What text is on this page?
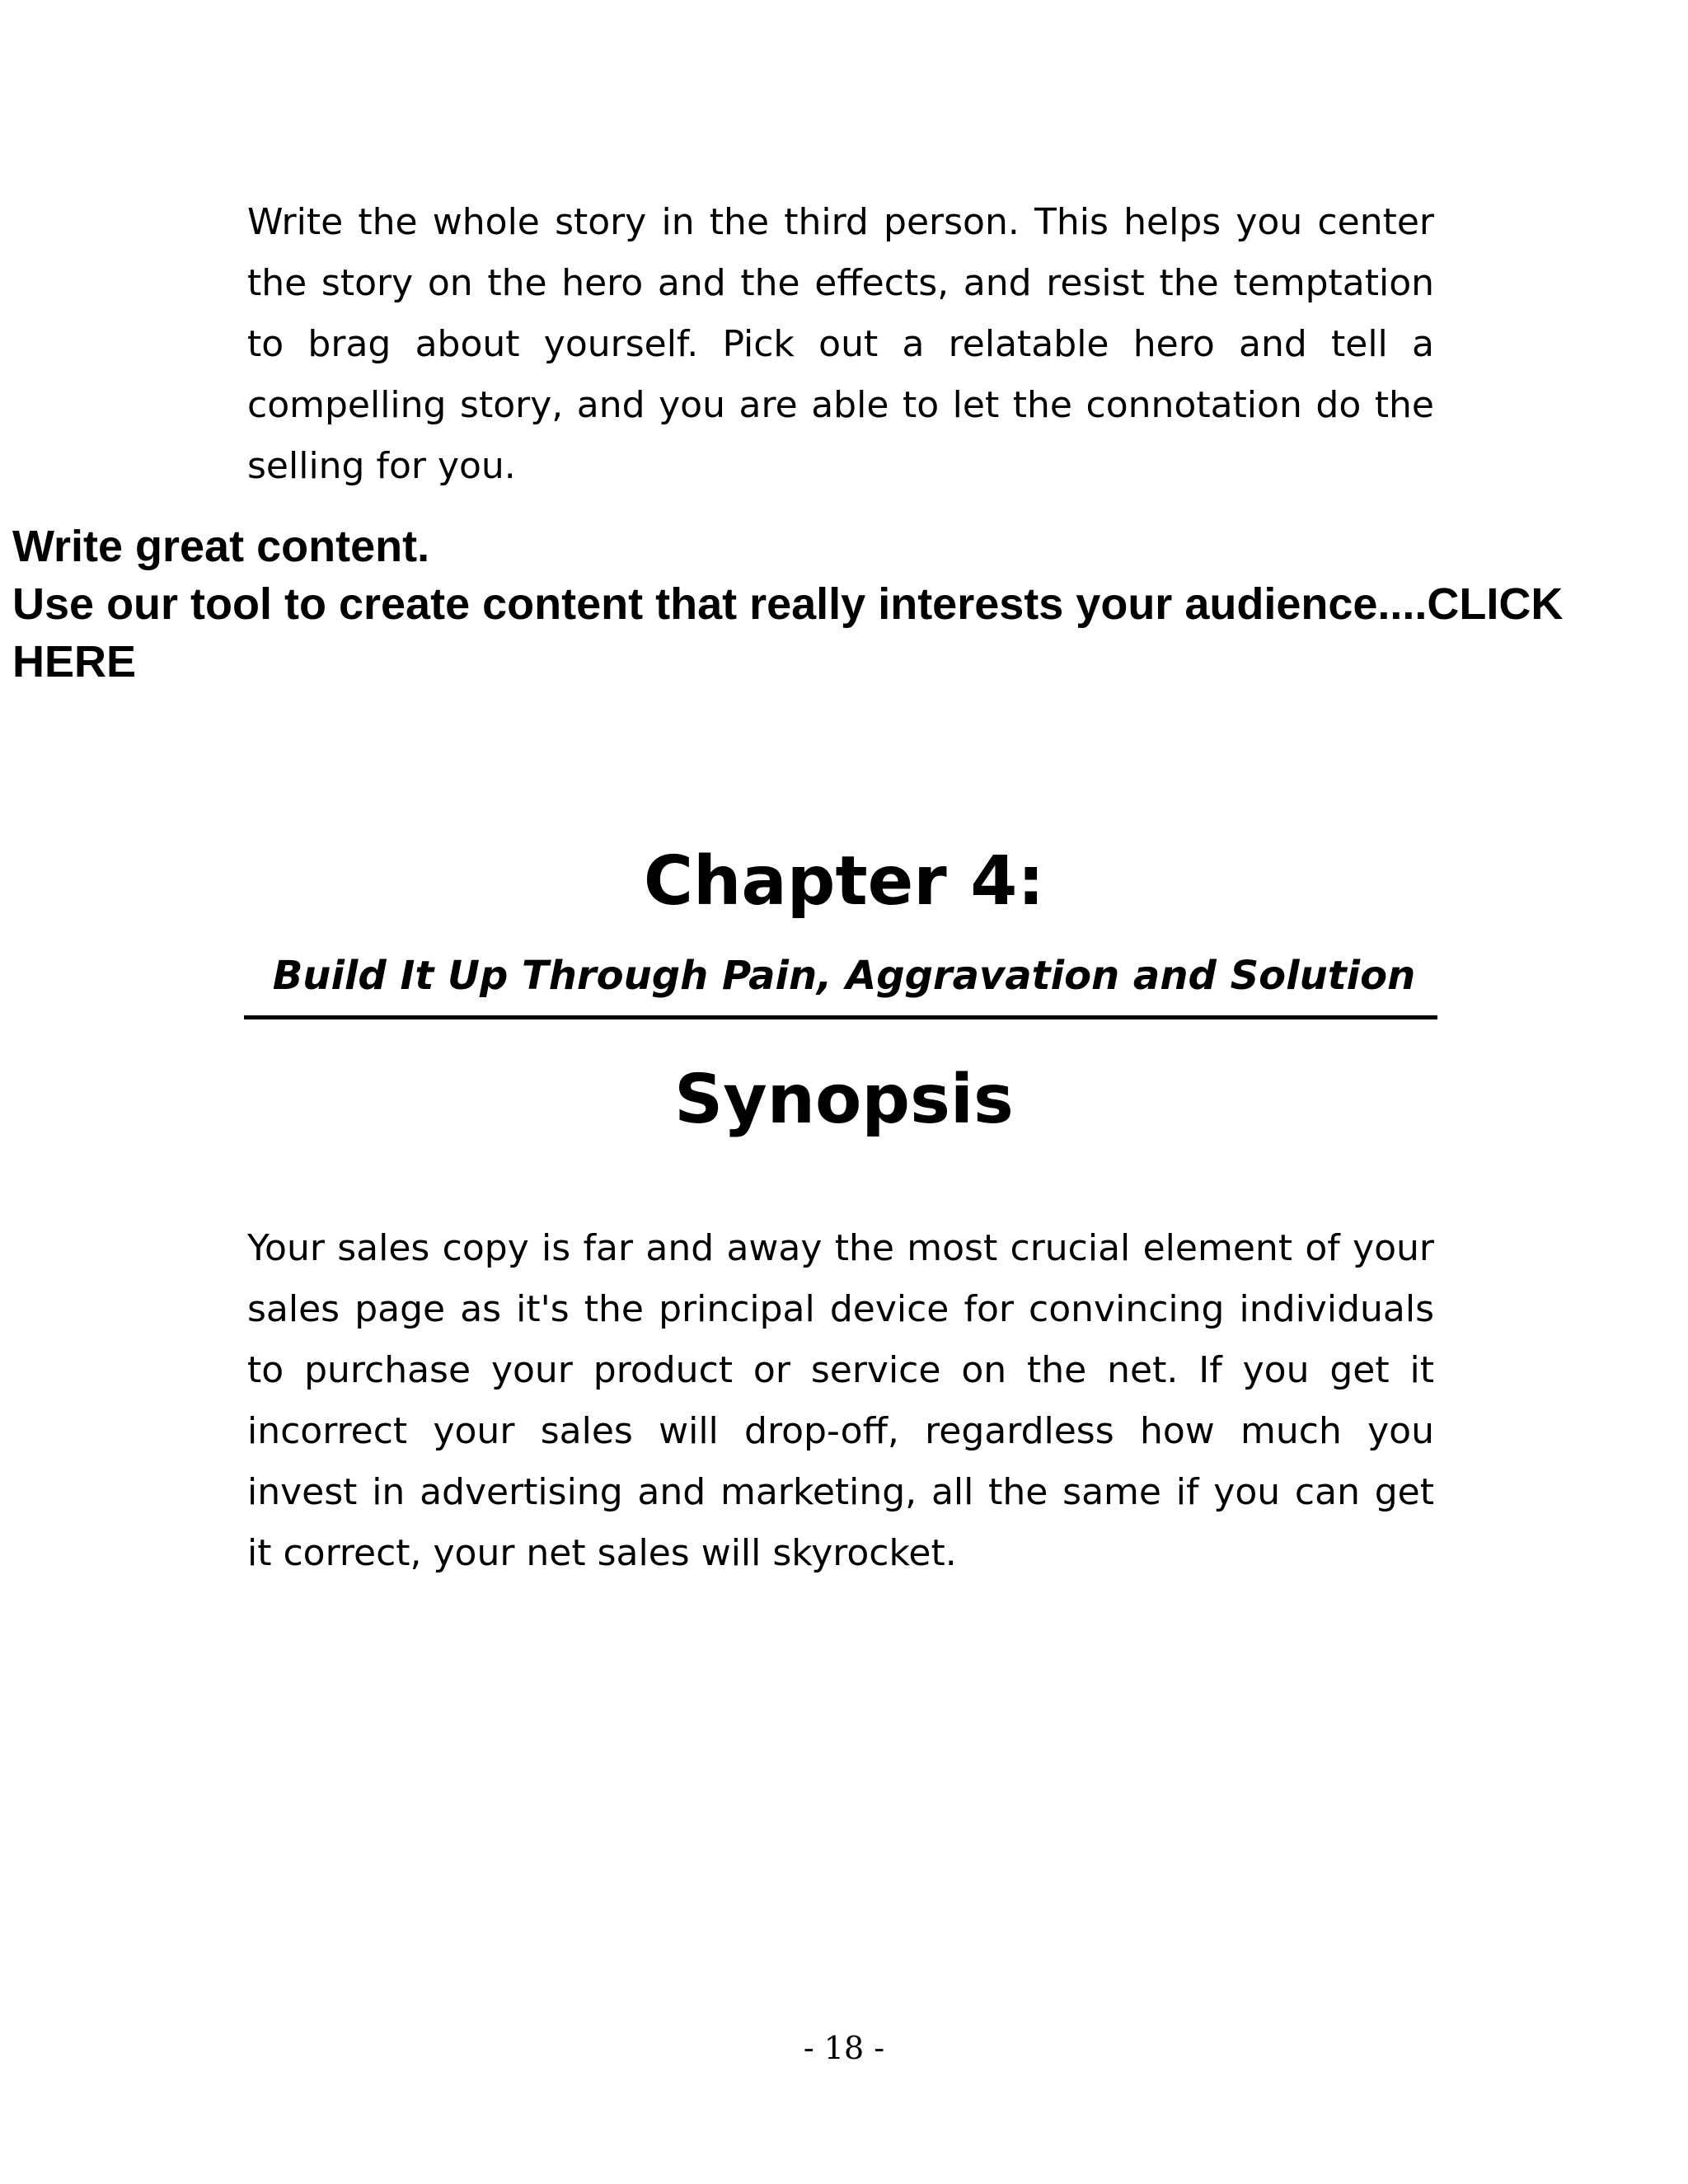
Write the whole story in the third person. This helps you center the story on the hero and the effects, and resist the temptation to brag about yourself. Pick out a relatable hero and tell a compelling story, and you are able to let the connotation do the selling for you.

Write great content.
Use our tool to create content that really interests your audience....CLICK HERE
Chapter 4:
Build It Up Through Pain, Aggravation and Solution
Synopsis

Your sales copy is far and away the most crucial element of your sales page as it's the principal device for convincing individuals to purchase your product or service on the net. If you get it incorrect your sales will drop-off, regardless how much you invest in advertising and marketing, all the same if you can get it correct, your net sales will skyrocket.

- 18 -
